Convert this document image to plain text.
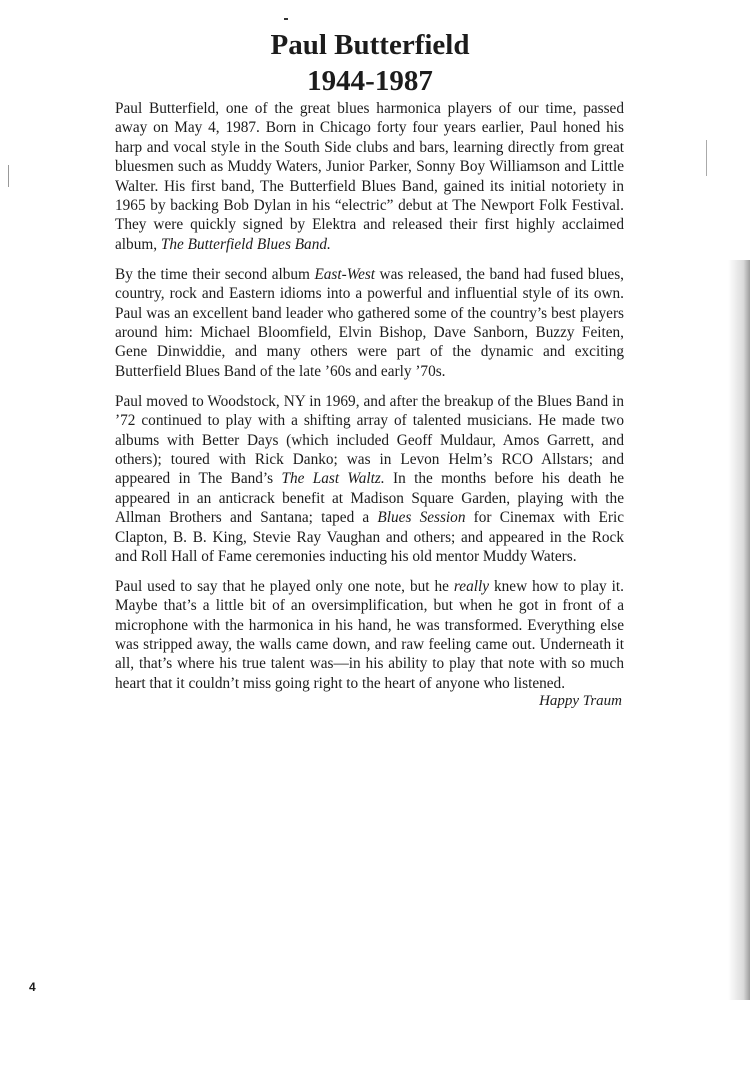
Paul Butterfield
1944-1987

Paul Butterfield, one of the great blues harmonica players of our time, passed away on May 4, 1987. Born in Chicago forty four years earlier, Paul honed his harp and vocal style in the South Side clubs and bars, learning directly from great bluesmen such as Muddy Waters, Junior Parker, Sonny Boy Williamson and Little Walter. His first band, The Butterfield Blues Band, gained its initial notoriety in 1965 by backing Bob Dylan in his “electric” debut at The Newport Folk Festival. They were quickly signed by Elektra and released their first highly acclaimed album, The Butterfield Blues Band.

By the time their second album East-West was released, the band had fused blues, country, rock and Eastern idioms into a powerful and influential style of its own. Paul was an excellent band leader who gathered some of the country’s best players around him: Michael Bloomfield, Elvin Bishop, Dave Sanborn, Buzzy Feiten, Gene Dinwiddie, and many others were part of the dynamic and exciting Butterfield Blues Band of the late ’60s and early ’70s.

Paul moved to Woodstock, NY in 1969, and after the breakup of the Blues Band in ’72 continued to play with a shifting array of talented musicians. He made two albums with Better Days (which included Geoff Muldaur, Amos Garrett, and others); toured with Rick Danko; was in Levon Helm’s RCO Allstars; and appeared in The Band’s The Last Waltz. In the months before his death he appeared in an anticrack benefit at Madison Square Garden, playing with the Allman Brothers and Santana; taped a Blues Session for Cinemax with Eric Clapton, B. B. King, Stevie Ray Vaughan and others; and appeared in the Rock and Roll Hall of Fame ceremonies inducting his old mentor Muddy Waters.

Paul used to say that he played only one note, but he really knew how to play it. Maybe that’s a little bit of an oversimplification, but when he got in front of a microphone with the harmonica in his hand, he was transformed. Everything else was stripped away, the walls came down, and raw feeling came out. Underneath it all, that’s where his true talent was—in his ability to play that note with so much heart that it couldn’t miss going right to the heart of anyone who listened.

Happy Traum
4
